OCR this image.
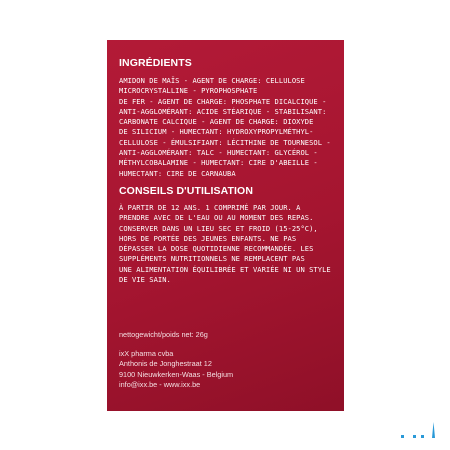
INGRÉDIENTS
AMIDON DE MAÏS - AGENT DE CHARGE: CELLULOSE
MICROCRYSTALLINE - PYROPHOSPHATE
DE FER - AGENT DE CHARGE: PHOSPHATE DICALCIQUE -
ANTI-AGGLOMÉRANT: ACIDE STÉARIQUE - STABILISANT:
CARBONATE CALCIQUE - AGENT DE CHARGE: DIOXYDE
DE SILICIUM - HUMECTANT: HYDROXYPROPYLMÉTHYL-
CELLULOSE - ÉMULSIFIANT: LÉCITHINE DE TOURNESOL -
ANTI-AGGLOMÉRANT: TALC - HUMECTANT: GLYCÉROL -
MÉTHYLCOBALAMINE - HUMECTANT: CIRE D'ABEILLE -
HUMECTANT: CIRE DE CARNAUBA
CONSEILS D'UTILISATION
À PARTIR DE 12 ANS. 1 COMPRIMÉ PAR JOUR. A
PRENDRE AVEC DE L'EAU OU AU MOMENT DES REPAS.
CONSERVER DANS UN LIEU SEC ET FROID (15-25°C),
HORS DE PORTÉE DES JEUNES ENFANTS. NE PAS
DÉPASSER LA DOSE QUOTIDIENNE RECOMMANDÉE. LES
SUPPLÉMENTS NUTRITIONNELS NE REMPLACENT PAS
UNE ALIMENTATION ÉQUILIBRÉE ET VARIÉE NI UN STYLE
DE VIE SAIN.
nettogewicht/poids net: 26g
ixX pharma cvba
Anthonis de Jonghestraat 12
9100 Nieuwkerken-Waas - Belgium
info@ixx.be - www.ixx.be
